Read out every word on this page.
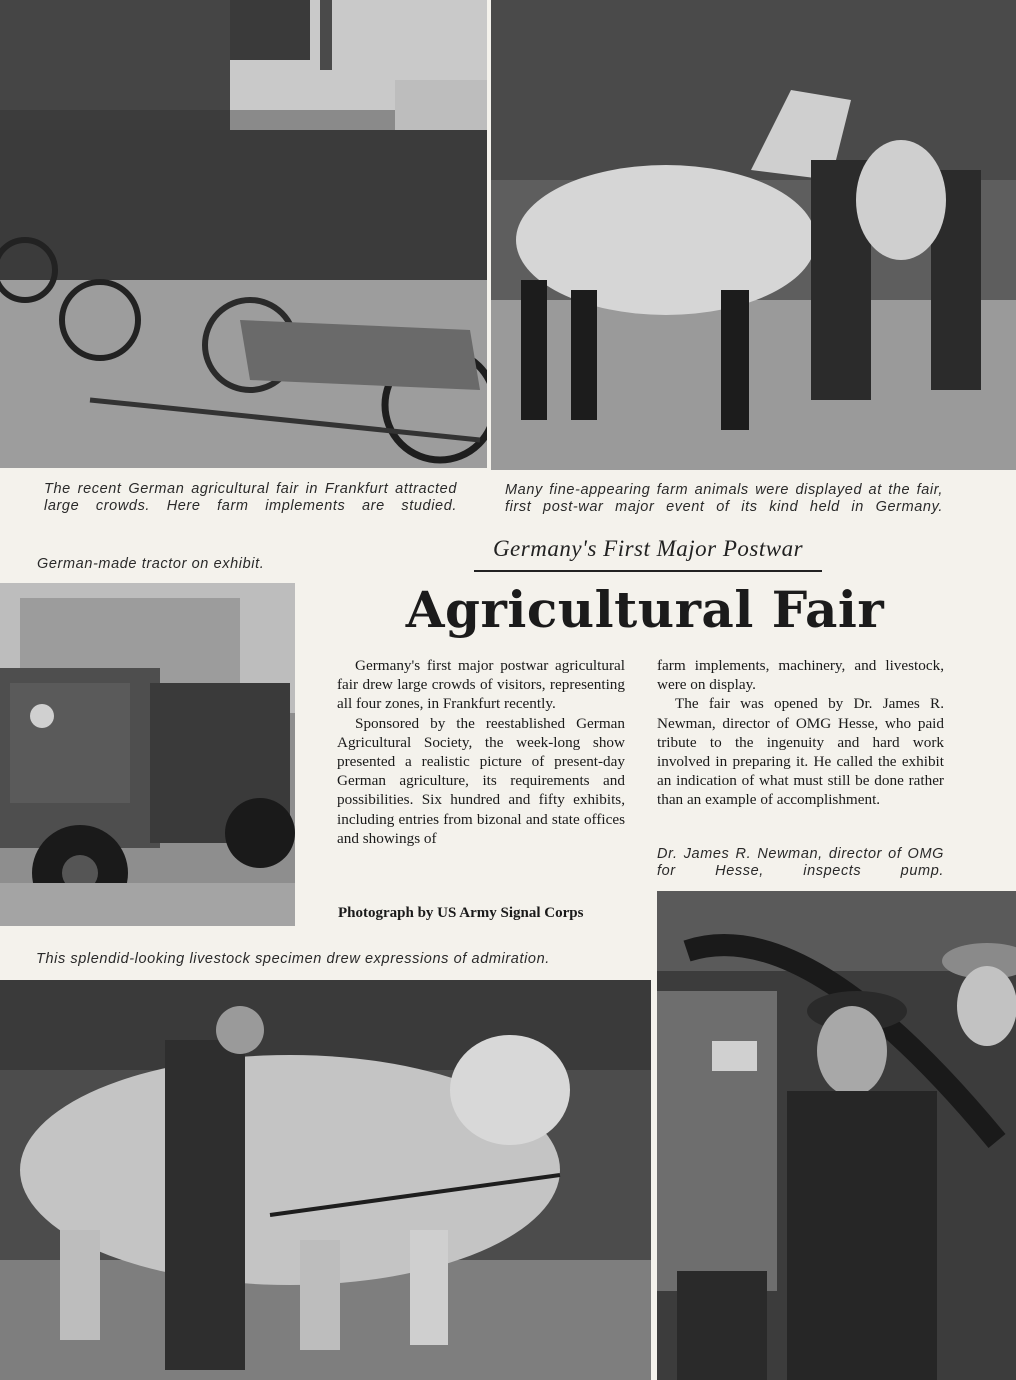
The recent German agricultural fair in Frankfurt attracted large crowds. Here farm implements are studied.
Many fine-appearing farm animals were displayed at the fair, first post-war major event of its kind held in Germany.
German-made tractor on exhibit.
Germany's First Major Postwar
Agricultural Fair

Germany's first major postwar agricultural fair drew large crowds of visitors, representing all four zones, in Frankfurt recently.

Sponsored by the reestablished German Agricultural Society, the week-long show presented a realistic picture of present-day German agriculture, its requirements and possibilities. Six hundred and fifty exhibits, including entries from bizonal and state offices and showings of

farm implements, machinery, and livestock, were on display.

The fair was opened by Dr. James R. Newman, director of OMG Hesse, who paid tribute to the ingenuity and hard work involved in preparing it. He called the exhibit an indication of what must still be done rather than an example of accomplishment.

Dr. James R. Newman, director of OMG for Hesse, inspects pump.
Photograph by US Army Signal Corps
This splendid-looking livestock specimen drew expressions of admiration.
